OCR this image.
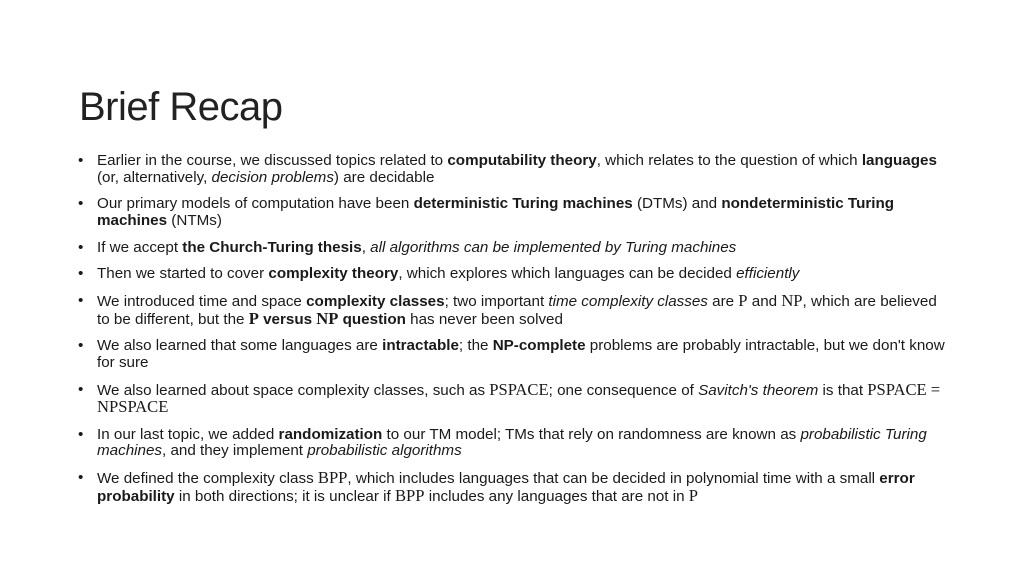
Brief Recap
• Earlier in the course, we discussed topics related to computability theory, which relates to the question of which languages (or, alternatively, decision problems) are decidable
• Our primary models of computation have been deterministic Turing machines (DTMs) and nondeterministic Turing machines (NTMs)
• If we accept the Church-Turing thesis, all algorithms can be implemented by Turing machines
• Then we started to cover complexity theory, which explores which languages can be decided efficiently
• We introduced time and space complexity classes; two important time complexity classes are P and NP, which are believed to be different, but the P versus NP question has never been solved
• We also learned that some languages are intractable; the NP-complete problems are probably intractable, but we don't know for sure
• We also learned about space complexity classes, such as PSPACE; one consequence of Savitch's theorem is that PSPACE = NPSPACE
• In our last topic, we added randomization to our TM model; TMs that rely on randomness are known as probabilistic Turing machines, and they implement probabilistic algorithms
• We defined the complexity class BPP, which includes languages that can be decided in polynomial time with a small error probability in both directions; it is unclear if BPP includes any languages that are not in P
